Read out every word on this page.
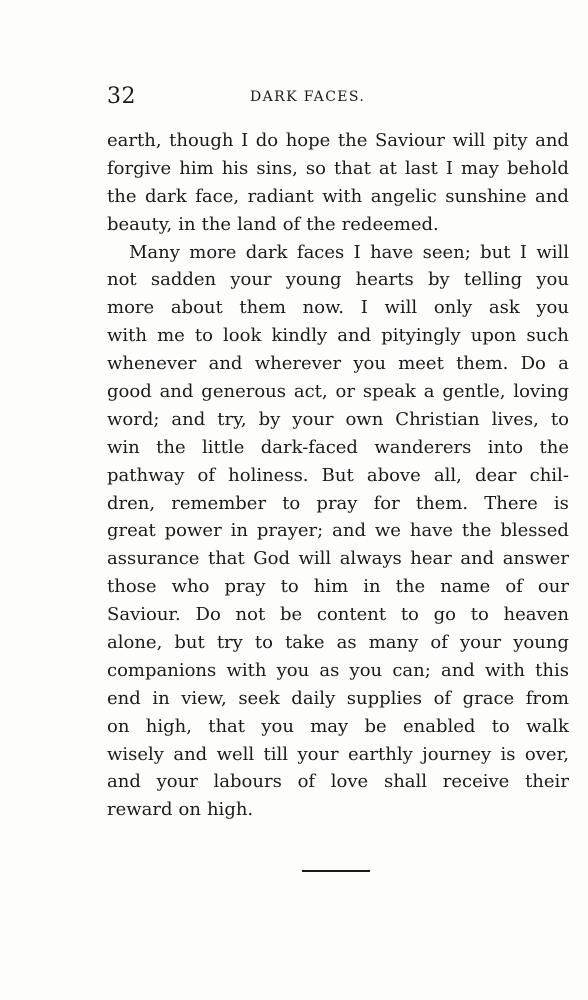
32	DARK FACES.
earth, though I do hope the Saviour will pity and
forgive him his sins, so that at last I may behold
the dark face, radiant with angelic sunshine and
beauty, in the land of the redeemed.
Many more dark faces I have seen; but I will
not sadden your young hearts by telling you
more about them now. I will only ask you
with me to look kindly and pityingly upon such
whenever and wherever you meet them. Do a
good and generous act, or speak a gentle, loving
word; and try, by your own Christian lives, to
win the little dark-faced wanderers into the
pathway of holiness. But above all, dear chil-
dren, remember to pray for them. There is
great power in prayer; and we have the blessed
assurance that God will always hear and answer
those who pray to him in the name of our
Saviour. Do not be content to go to heaven
alone, but try to take as many of your young
companions with you as you can; and with this
end in view, seek daily supplies of grace from
on high, that you may be enabled to walk
wisely and well till your earthly journey is over,
and your labours of love shall receive their
reward on high.
